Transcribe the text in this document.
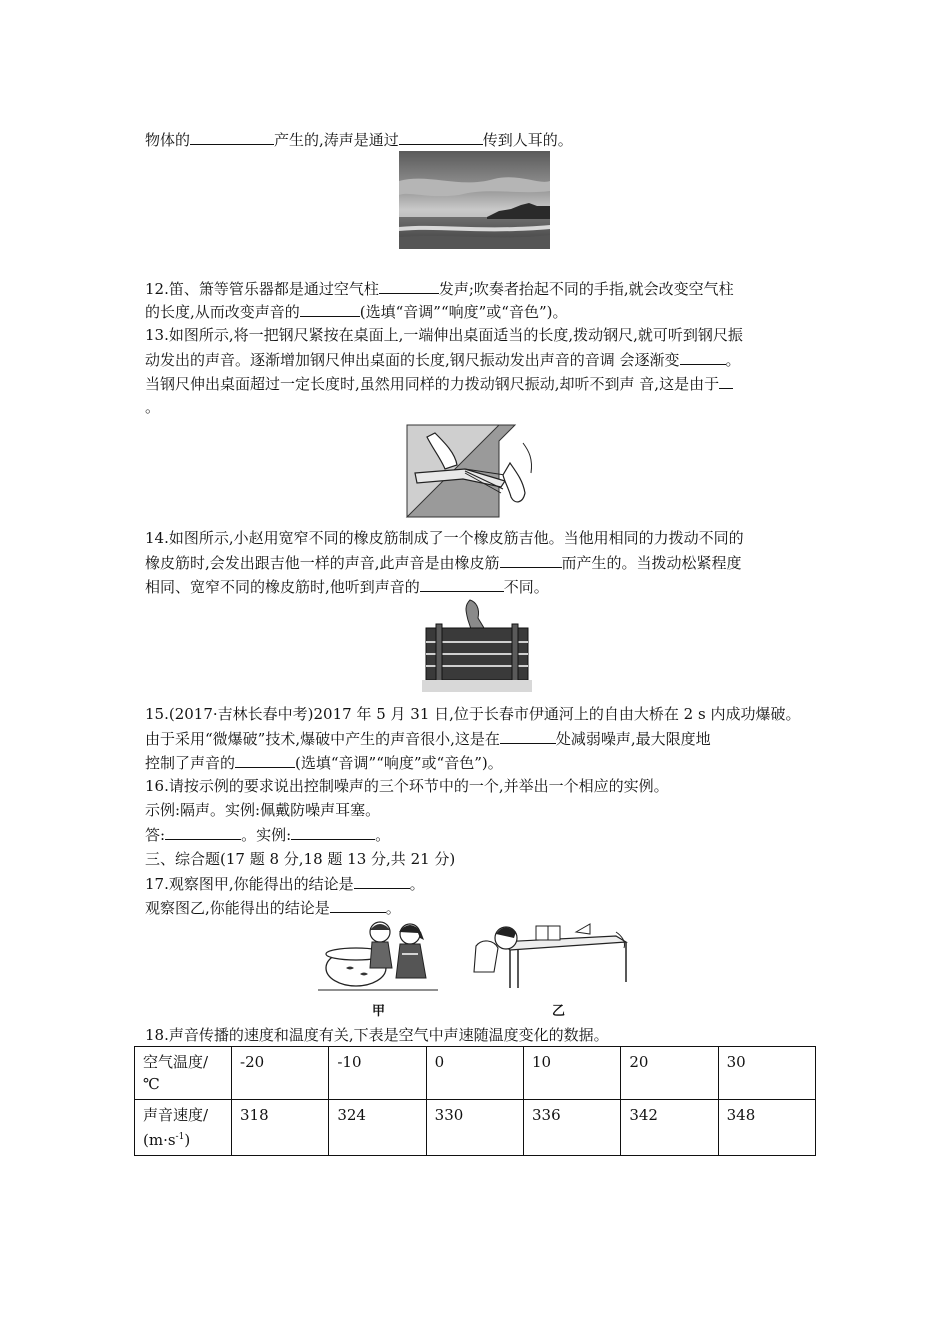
物体的	产生的,涛声是通过	传到人耳的。
12.笛、箫等管乐器都是通过空气柱	发声;吹奏者抬起不同的手指,就会改变空气柱
的长度,从而改变声音的	(选填“音调”“响度”或“音色”)。
13.如图所示,将一把钢尺紧按在桌面上,一端伸出桌面适当的长度,拨动钢尺,就可听到钢尺振
动发出的声音。逐渐增加钢尺伸出桌面的长度,钢尺振动发出声音的音调 会逐渐变	。
当钢尺伸出桌面超过一定长度时,虽然用同样的力拨动钢尺振动,却听不到声 音,这是由于
。
14.如图所示,小赵用宽窄不同的橡皮筋制成了一个橡皮筋吉他。当他用相同的力拨动不同的
橡皮筋时,会发出跟吉他一样的声音,此声音是由橡皮筋	而产生的。当拨动松紧程度
相同、宽窄不同的橡皮筋时,他听到声音的	不同。
15.(2017·吉林长春中考)2017 年 5 月 31 日,位于长春市伊通河上的自由大桥在 2 s 内成功爆破。
由于采用“微爆破”技术,爆破中产生的声音很小,这是在	处减弱噪声,最大限度地
控制了声音的	(选填“音调”“响度”或“音色”)。
16.请按示例的要求说出控制噪声的三个环节中的一个,并举出一个相应的实例。
示例:隔声。实例:佩戴防噪声耳塞。
答:	。实例:	。
三、综合题(17 题 8 分,18 题 13 分,共 21 分)
17.观察图甲,你能得出的结论是	。
观察图乙,你能得出的结论是	。
甲	乙
18.声音传播的速度和温度有关,下表是空气中声速随温度变化的数据。
空气温度/℃	-20	-10	0	10	20	30
声音速度/
$(m\cdot s^{-1})$	318	324	330	336	342	348
